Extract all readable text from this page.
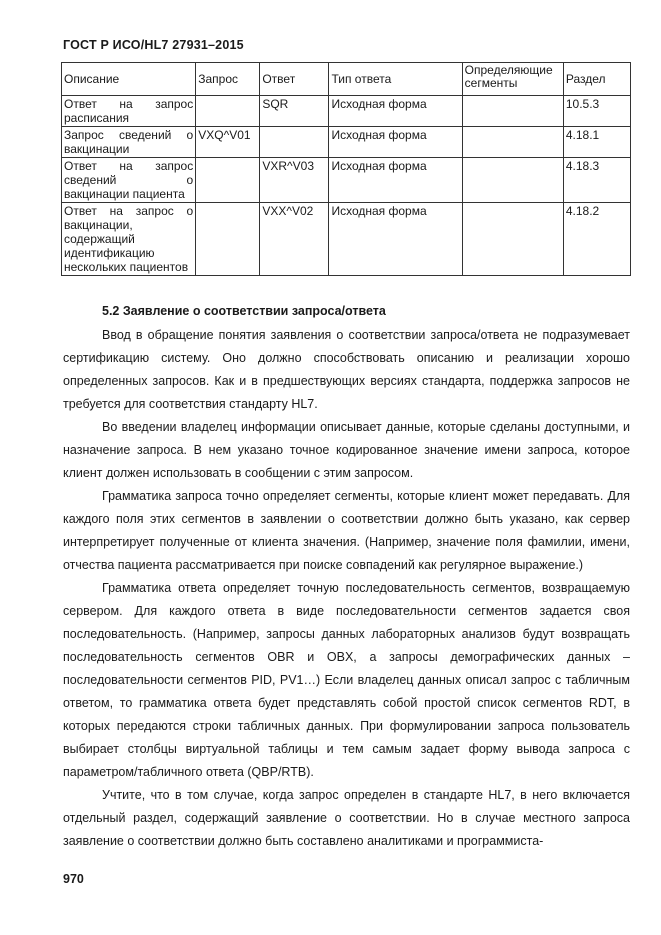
ГОСТ Р ИСО/HL7 27931–2015
Описание	Запрос	Ответ	Тип ответа	Определяющие сегменты	Раздел
Ответ на запрос расписания		SQR	Исходная форма		10.5.3
Запрос сведений о вакцинации	VXQ^V01		Исходная форма		4.18.1
Ответ на запрос сведений о вакцинации пациента		VXR^V03	Исходная форма		4.18.3
Ответ на запрос о вакцинации, содержащий идентификацию нескольких пациентов		VXX^V02	Исходная форма		4.18.2
5.2 Заявление о соответствии запроса/ответа

Ввод в обращение понятия заявления о соответствии запроса/ответа не подразумевает сертификацию систему. Оно должно способствовать описанию и реализации хорошо определенных запросов. Как и в предшествующих версиях стандарта, поддержка запросов не требуется для соответствия стандарту HL7.

Во введении владелец информации описывает данные, которые сделаны доступными, и назначение запроса. В нем указано точное кодированное значение имени запроса, которое клиент должен использовать в сообщении с этим запросом.

Грамматика запроса точно определяет сегменты, которые клиент может передавать. Для каждого поля этих сегментов в заявлении о соответствии должно быть указано, как сервер интерпретирует полученные от клиента значения. (Например, значение поля фамилии, имени, отчества пациента рассматривается при поиске совпадений как регулярное выражение.)

Грамматика ответа определяет точную последовательность сегментов, возвращаемую сервером. Для каждого ответа в виде последовательности сегментов задается своя последовательность. (Например, запросы данных лабораторных анализов будут возвращать последовательность сегментов OBR и OBX, а запросы демографических данных – последовательности сегментов PID, PV1…) Если владелец данных описал запрос с табличным ответом, то грамматика ответа будет представлять собой простой список сегментов RDT, в которых передаются строки табличных данных. При формулировании запроса пользователь выбирает столбцы виртуальной таблицы и тем самым задает форму вывода запроса с параметром/табличного ответа (QBP/RTB).

Учтите, что в том случае, когда запрос определен в стандарте HL7, в него включается отдельный раздел, содержащий заявление о соответствии. Но в случае местного запроса заявление о соответствии должно быть составлено аналитиками и программиста-

970
